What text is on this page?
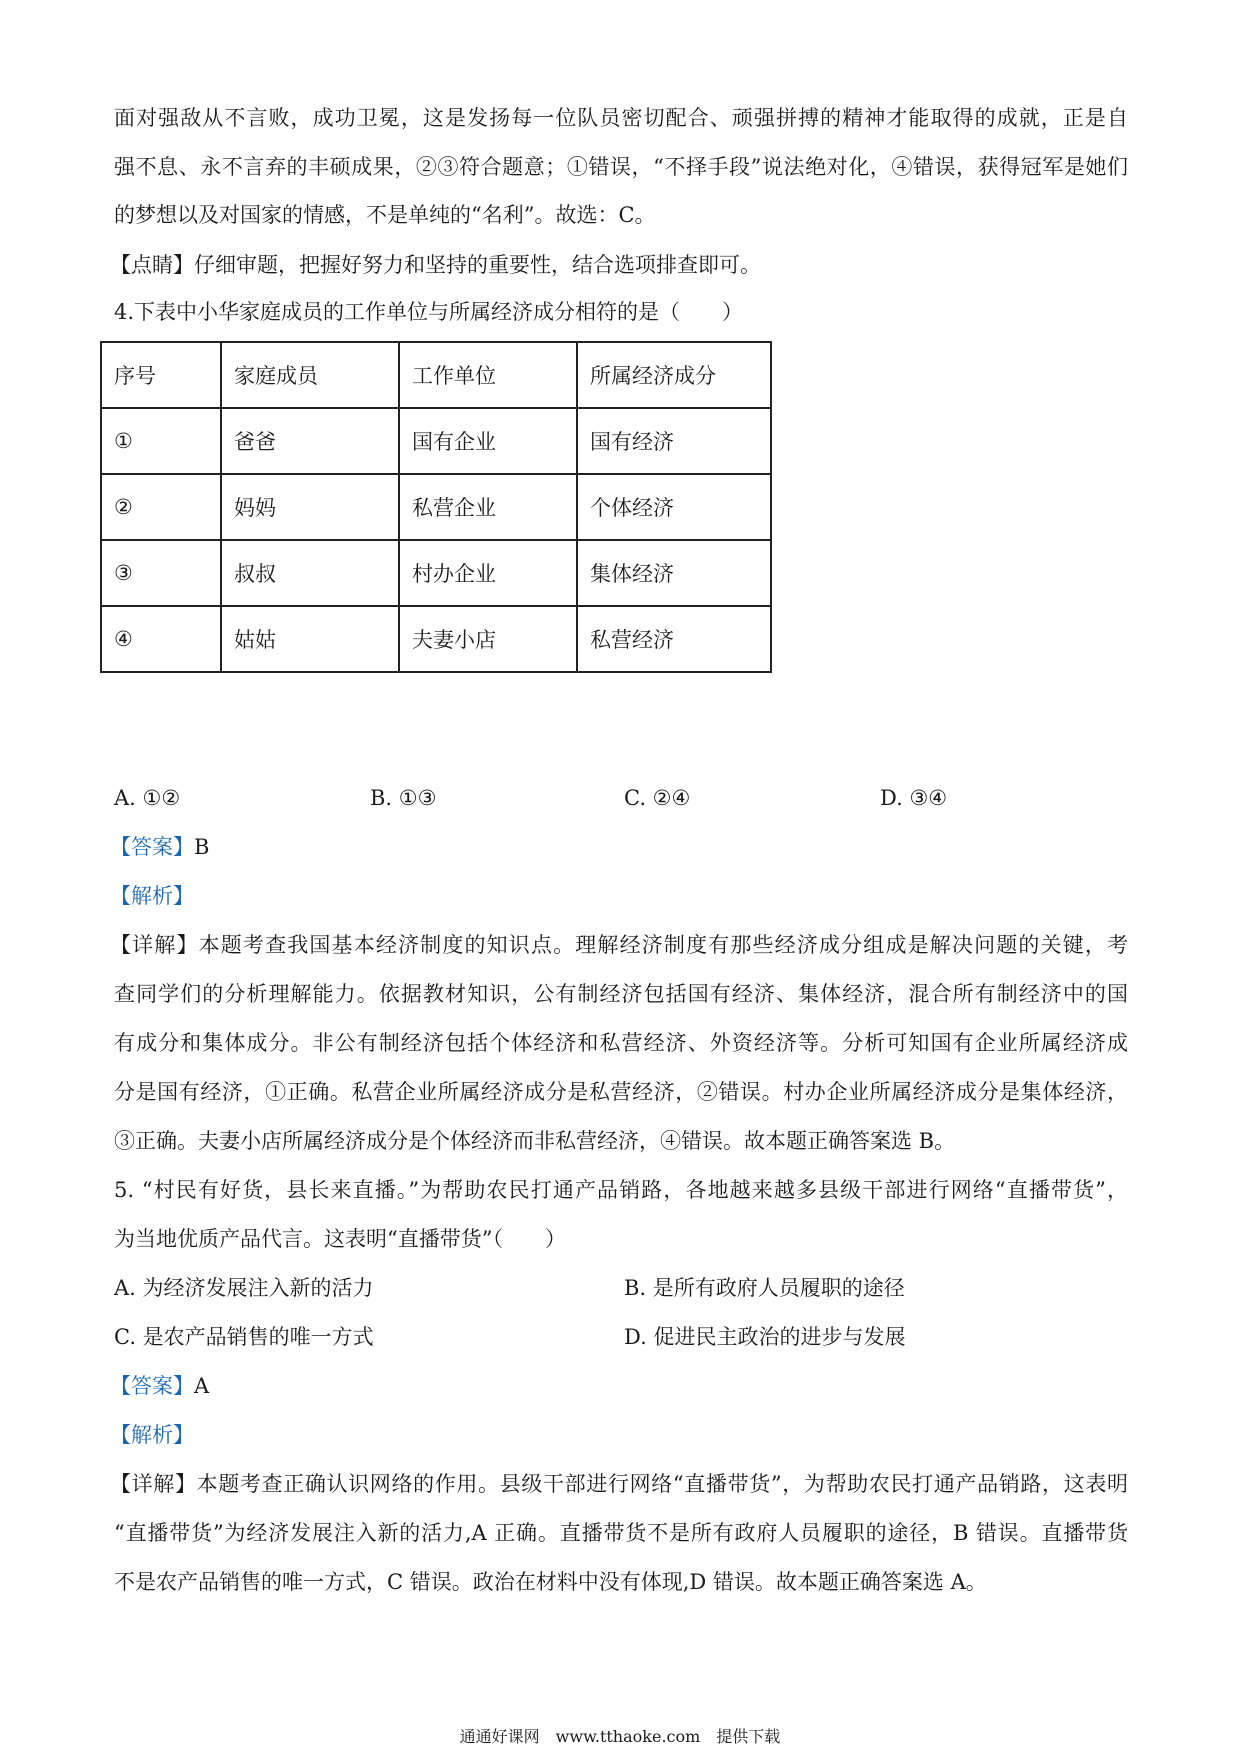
面对强敌从不言败，成功卫冕，这是发扬每一位队员密切配合、顽强拼搏的精神才能取得的成就，正是自
强不息、永不言弃的丰硕成果，②③符合题意；①错误，“不择手段”说法绝对化，④错误，获得冠军是她们
的梦想以及对国家的情感，不是单纯的“名利”。故选：C。
【点睛】仔细审题，把握好努力和坚持的重要性，结合选项排查即可。
4.下表中小华家庭成员的工作单位与所属经济成分相符的是（　　）
序号	家庭成员	工作单位	所属经济成分
①	爸爸	国有企业	国有经济
②	妈妈	私营企业	个体经济
③	叔叔	村办企业	集体经济
④	姑姑	夫妻小店	私营经济
A. ①②	B. ①③	C. ②④	D. ③④
【答案】B
【解析】
【详解】本题考查我国基本经济制度的知识点。理解经济制度有那些经济成分组成是解决问题的关键，考
查同学们的分析理解能力。依据教材知识，公有制经济包括国有经济、集体经济，混合所有制经济中的国
有成分和集体成分。非公有制经济包括个体经济和私营经济、外资经济等。分析可知国有企业所属经济成
分是国有经济，①正确。私营企业所属经济成分是私营经济，②错误。村办企业所属经济成分是集体经济，
③正确。夫妻小店所属经济成分是个体经济而非私营经济，④错误。故本题正确答案选 B。
5. “村民有好货，县长来直播。”为帮助农民打通产品销路，各地越来越多县级干部进行网络“直播带货”，
为当地优质产品代言。这表明“直播带货”（　　）
A. 为经济发展注入新的活力	B. 是所有政府人员履职的途径
C. 是农产品销售的唯一方式	D. 促进民主政治的进步与发展
【答案】A
【解析】
【详解】本题考查正确认识网络的作用。县级干部进行网络“直播带货”，为帮助农民打通产品销路，这表明
“直播带货”为经济发展注入新的活力,A 正确。直播带货不是所有政府人员履职的途径，B 错误。直播带货
不是农产品销售的唯一方式，C 错误。政治在材料中没有体现,D 错误。故本题正确答案选 A。
通通好课网　www.tthaoke.com　提供下载
